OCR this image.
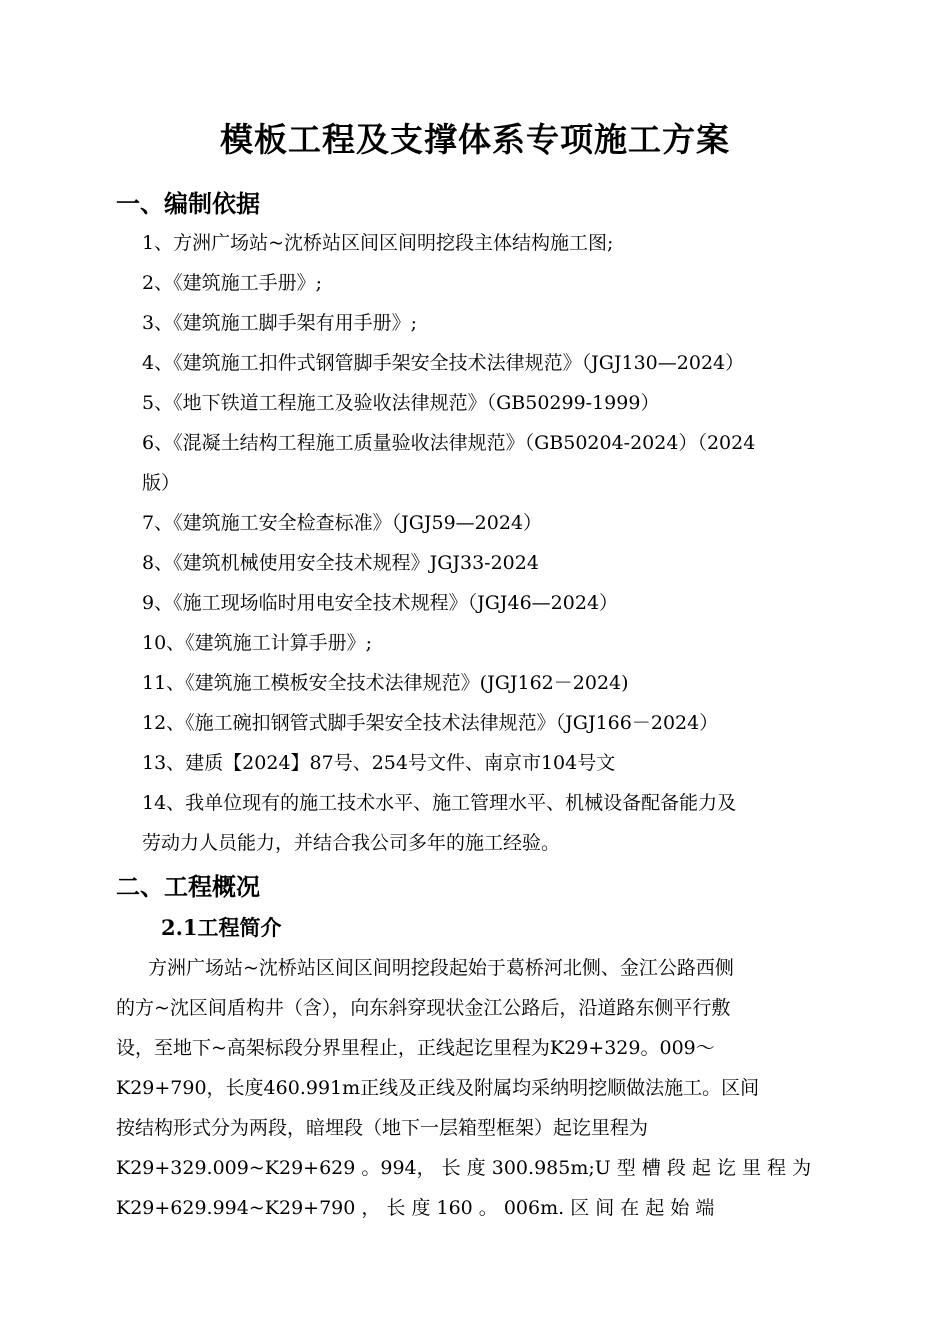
模板工程及支撑体系专项施工方案
一、编制依据
1、方洲广场站~沈桥站区间区间明挖段主体结构施工图;
2、《建筑施工手册》;
3、《建筑施工脚手架有用手册》;
4、《建筑施工扣件式钢管脚手架安全技术法律规范》（JGJ130—2024）
5、《地下铁道工程施工及验收法律规范》（GB50299-1999）
6、《混凝土结构工程施工质量验收法律规范》（GB50204-2024）（2024
版）
7、《建筑施工安全检查标准》（JGJ59—2024）
8、《建筑机械使用安全技术规程》JGJ33-2024
9、《施工现场临时用电安全技术规程》（JGJ46—2024）
10、《建筑施工计算手册》;
11、《建筑施工模板安全技术法律规范》(JGJ162－2024)
12、《施工碗扣钢管式脚手架安全技术法律规范》（JGJ166－2024）
13、建质【2024】87号、254号文件、南京市104号文
14、我单位现有的施工技术水平、施工管理水平、机械设备配备能力及
劳动力人员能力，并结合我公司多年的施工经验。
二、工程概况
2.1工程简介
方洲广场站~沈桥站区间区间明挖段起始于葛桥河北侧、金江公路西侧
的方~沈区间盾构井（含），向东斜穿现状金江公路后，沿道路东侧平行敷
设，至地下~高架标段分界里程止，正线起讫里程为K29+329。009～
K29+790，长度460.991m正线及正线及附属均采纳明挖顺做法施工。区间
按结构形式分为两段，暗埋段（地下一层箱型框架）起讫里程为
K29+329.009~K29+629 。994， 长 度 300.985m;U 型 槽 段 起 讫 里 程 为
K29+629.994~K29+790 ， 长 度 160 。 006m. 区 间 在 起 始 端
